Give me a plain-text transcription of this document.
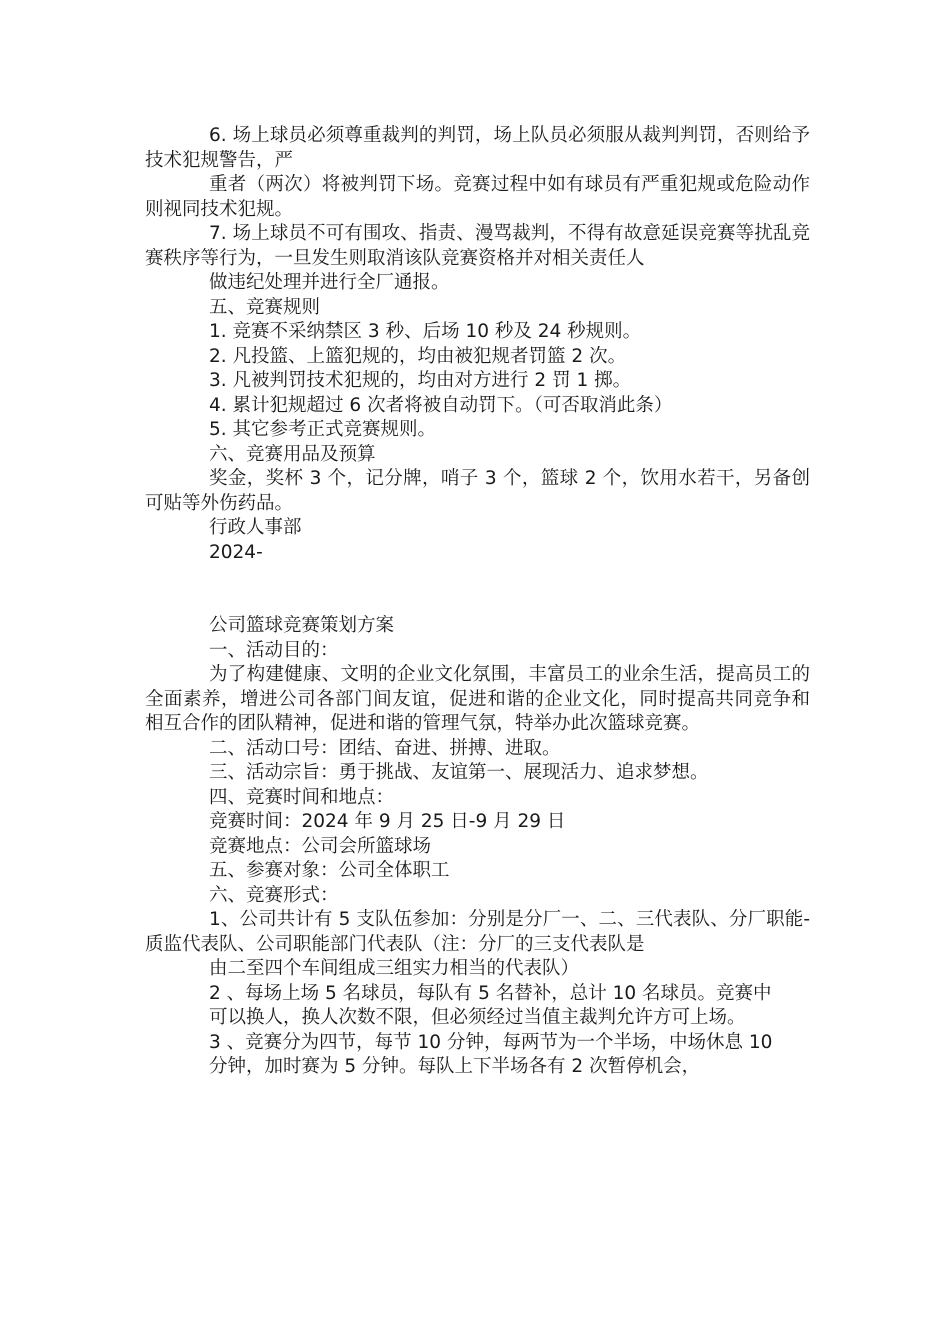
6. 场上球员必须尊重裁判的判罚，场上队员必须服从裁判判罚，否则给予技术犯规警告，严

重者（两次）将被判罚下场。竞赛过程中如有球员有严重犯规或危险动作则视同技术犯规。

7. 场上球员不可有围攻、指责、漫骂裁判，不得有故意延误竞赛等扰乱竞赛秩序等行为，一旦发生则取消该队竞赛资格并对相关责任人

做违纪处理并进行全厂通报。

五、竞赛规则

1. 竞赛不采纳禁区 3 秒、后场 10 秒及 24 秒规则。

2. 凡投篮、上篮犯规的，均由被犯规者罚篮 2 次。

3. 凡被判罚技术犯规的，均由对方进行 2 罚 1 掷。

4. 累计犯规超过 6 次者将被自动罚下。（可否取消此条）

5. 其它参考正式竞赛规则。

六、竞赛用品及预算

奖金，奖杯 3 个，记分牌，哨子 3 个，篮球 2 个，饮用水若干，另备创可贴等外伤药品。

行政人事部

2024-

公司篮球竞赛策划方案

一、活动目的：

为了构建健康、文明的企业文化氛围，丰富员工的业余生活，提高员工的全面素养，增进公司各部门间友谊，促进和谐的企业文化，同时提高共同竞争和相互合作的团队精神，促进和谐的管理气氛，特举办此次篮球竞赛。

二、活动口号：团结、奋进、拼搏、进取。

三、活动宗旨：勇于挑战、友谊第一、展现活力、追求梦想。

四、竞赛时间和地点：

竞赛时间：2024 年 9 月 25 日-9 月 29 日

竞赛地点：公司会所篮球场

五、参赛对象：公司全体职工

六、竞赛形式：

1、公司共计有 5 支队伍参加：分别是分厂一、二、三代表队、分厂职能-质监代表队、公司职能部门代表队（注：分厂的三支代表队是

由二至四个车间组成三组实力相当的代表队）

2 、每场上场 5 名球员，每队有 5 名替补，总计 10 名球员。竞赛中

可以换人，换人次数不限，但必须经过当值主裁判允许方可上场。

3 、竞赛分为四节，每节 10 分钟，每两节为一个半场，中场休息 10

分钟，加时赛为 5 分钟。每队上下半场各有 2 次暂停机会，
